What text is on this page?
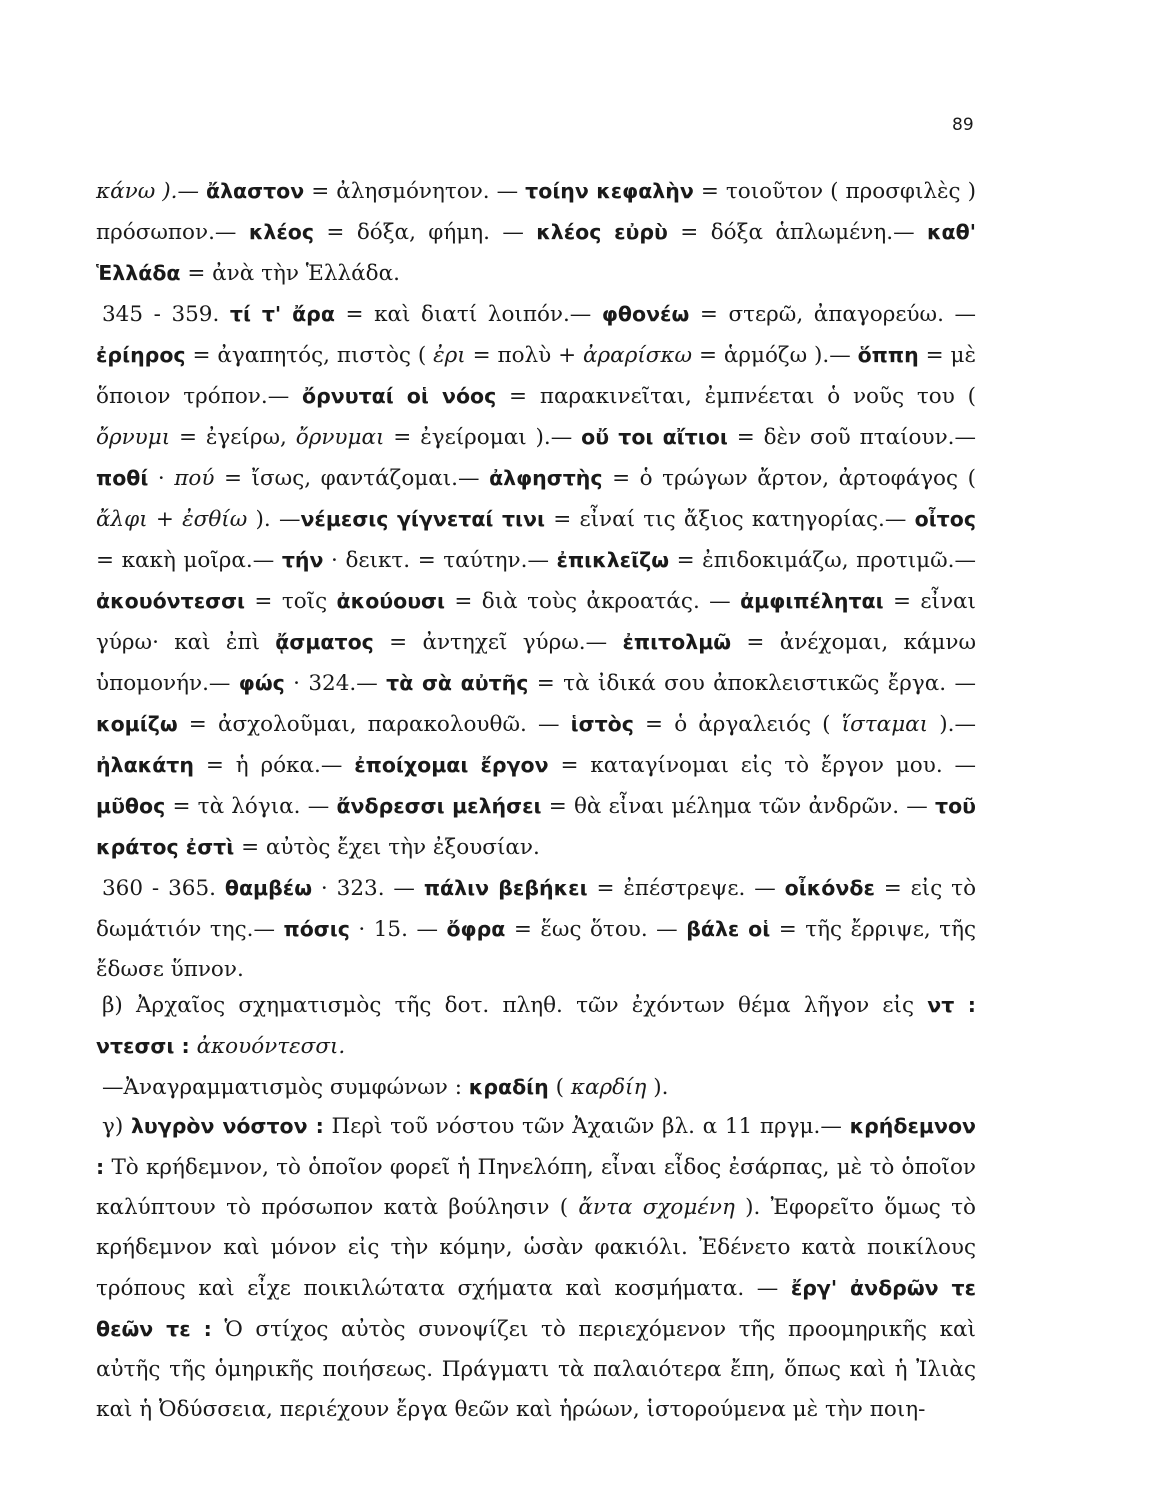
89

κάνω ).— ἄλαστον = ἀλησμόνητον. — τοίην κεφαλὴν = τοιοῦτον ( προσφιλὲς ) πρόσωπον.— κλέος = δόξα, φήμη. — κλέος εὐρὺ = δόξα ἁπλωμένη.— καθ' Ἑλλάδα = ἀνὰ τὴν Ἑλλάδα.

345 - 359. τί τ' ἄρα = καὶ διατί λοιπόν.— φθονέω = στερῶ, ἀπαγορεύω. — ἐρίηρος = ἀγαπητός, πιστὸς ( ἐρι = πολὺ + ἀραρίσκω = ἁρμόζω ).— ὅππη = μὲ ὅποιον τρόπον.— ὄρνυταί οἱ νόος = παρακινεῖται, ἐμπνέεται ὁ νοῦς του ( ὄρνυμι = ἐγείρω, ὄρνυμαι = ἐγείρομαι ).— οὔ τοι αἴτιοι = δὲν σοῦ πταίουν.— ποθί · πού = ἴσως, φαντάζομαι.— ἀλφηστὴς = ὁ τρώγων ἄρτον, ἀρτοφάγος ( ἄλφι + ἐσθίω ). —νέμεσις γίγνεταί τινι = εἶναί τις ἄξιος κατηγορίας.— οἶτος = κακὴ μοῖρα.— τήν · δεικτ. = ταύτην.— ἐπικλεῖζω = ἐπιδοκιμάζω, προτιμῶ.— ἀκουόντεσσι = τοῖς ἀκούουσι = διὰ τοὺς ἀκροατάς. — ἀμφιπέληται = εἶναι γύρω· καὶ ἐπὶ ᾄσματος = ἀντηχεῖ γύρω.— ἐπιτολμῶ = ἀνέχομαι, κάμνω ὑπομονήν.— φώς · 324.— τὰ σὰ αὐτῆς = τὰ ἰδικά σου ἀποκλειστικῶς ἔργα. — κομίζω = ἀσχολοῦμαι, παρακολουθῶ. — ἱστὸς = ὁ ἀργαλειός ( ἵσταμαι ).— ἠλακάτη = ἡ ρόκα.— ἐποίχομαι ἔργον = καταγίνομαι εἰς τὸ ἔργον μου. — μῦθος = τὰ λόγια. — ἄνδρεσσι μελήσει = θὰ εἶναι μέλημα τῶν ἀνδρῶν. — τοῦ κράτος ἐστὶ = αὐτὸς ἔχει τὴν ἐξουσίαν.

360 - 365. θαμβέω · 323. — πάλιν βεβήκει = ἐπέστρεψε. — οἶκόνδε = εἰς τὸ δωμάτιόν της.— πόσις · 15. — ὄφρα = ἕως ὅτου. — βάλε οἱ = τῆς ἔρριψε, τῆς ἔδωσε ὕπνον.

β) Ἀρχαῖος σχηματισμὸς τῆς δοτ. πληθ. τῶν ἐχόντων θέμα λῆγον εἰς ντ : ντεσσι : ἀκουόντεσσι.

—Ἀναγραμματισμὸς συμφώνων : κραδίη ( καρδίη ).

γ) λυγρὸν νόστον : Περὶ τοῦ νόστου τῶν Ἀχαιῶν βλ. α 11 πργμ.— κρήδεμνον : Τὸ κρήδεμνον, τὸ ὁποῖον φορεῖ ἡ Πηνελόπη, εἶναι εἶδος ἐσάρπας, μὲ τὸ ὁποῖον καλύπτουν τὸ πρόσωπον κατὰ βούλησιν ( ἄντα σχομένη ). Ἐφορεῖτο ὅμως τὸ κρήδεμνον καὶ μόνον εἰς τὴν κόμην, ὡσὰν φακιόλι. Ἐδένετο κατὰ ποικίλους τρόπους καὶ εἶχε ποικιλώτατα σχήματα καὶ κοσμήματα. — ἔργ' ἀνδρῶν τε θεῶν τε : Ὁ στίχος αὐτὸς συνοψίζει τὸ περιεχόμενον τῆς προομηρικῆς καὶ αὐτῆς τῆς ὁμηρικῆς ποιήσεως. Πράγματι τὰ παλαιότερα ἔπη, ὅπως καὶ ἡ Ἰλιὰς καὶ ἡ Ὀδύσσεια, περιέχουν ἔργα θεῶν καὶ ἡρώων, ἱστορούμενα μὲ τὴν ποιη-
